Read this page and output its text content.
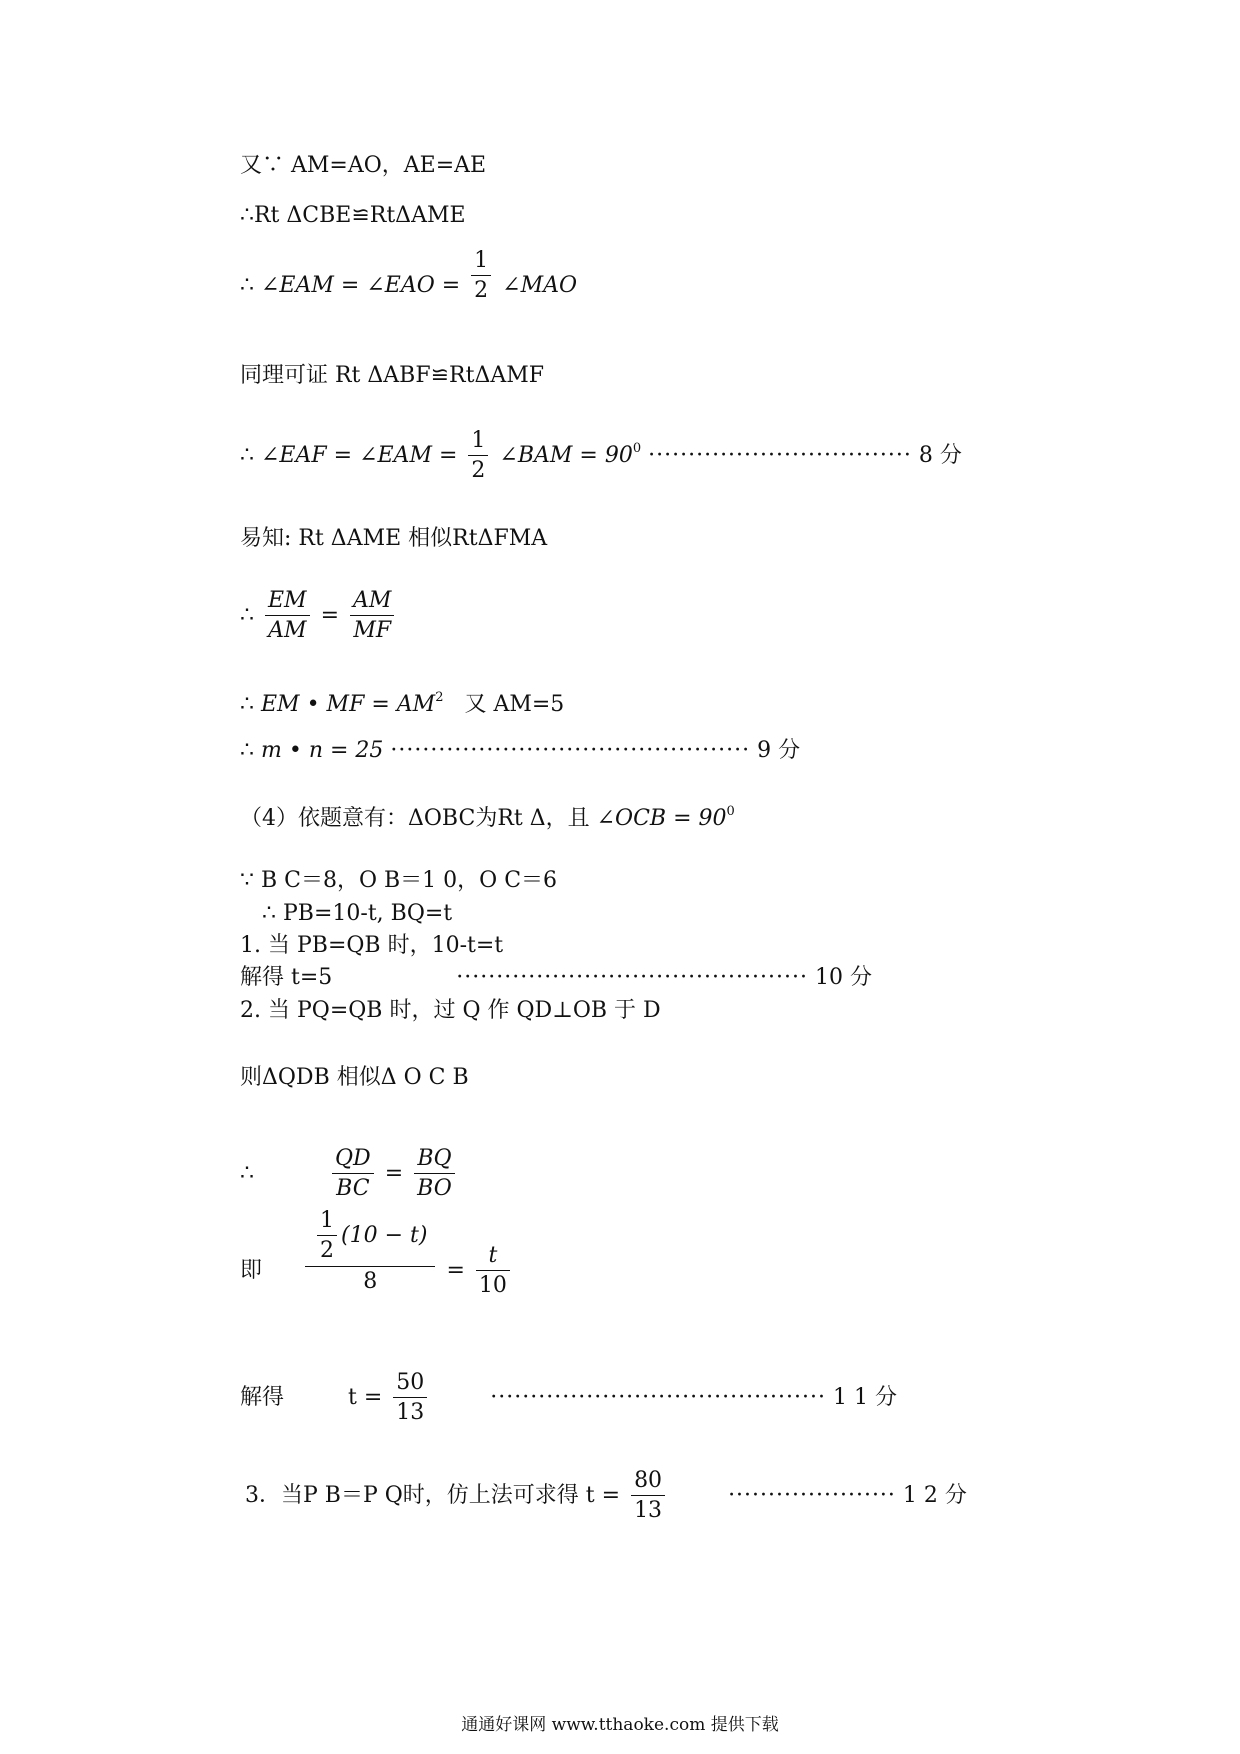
又∵ AM=AO，AE=AE
∴Rt ΔCBE≌RtΔAME
∴ ∠EAM = ∠EAO = $\frac{1}{2}$ ∠MAO
同理可证 Rt ΔABF≌RtΔAMF
∴ ∠EAF = ∠EAM = $\frac{1}{2}$ ∠BAM = $90^0$ ································· 8 分
易知: Rt ΔAME 相似RtΔFMA
∴ $\frac{EM}{AM} = \frac{AM}{MF}$
∴ EM • MF = $AM^2$ 又 AM=5
∴ m • n = 25 ············································· 9 分
（4）依题意有：ΔOBC为Rt Δ，且 ∠OCB = $90^0$
∵ B C＝8，O B＝1 0，O C＝6
∴ PB=10-t, BQ=t
1. 当 PB=QB 时，10-t=t
解得 t=5	············································ 10 分
2. 当 PQ=QB 时，过 Q 作 QD⊥OB 于 D
则ΔQDB 相似Δ O C B
∴	$\frac{QD}{BC} = \frac{BQ}{BO}$
即 $\frac{\frac{1}{2} (10 - t)}{8} = \frac{t}{10}$
解得	$t = \frac{50}{13}$	·········································· 1 1 分
3．当P B＝P Q时，仿上法可求得 $t = \frac{80}{13}$	····················· 1 2 分
通通好课网 www.tthaoke.com 提供下载
